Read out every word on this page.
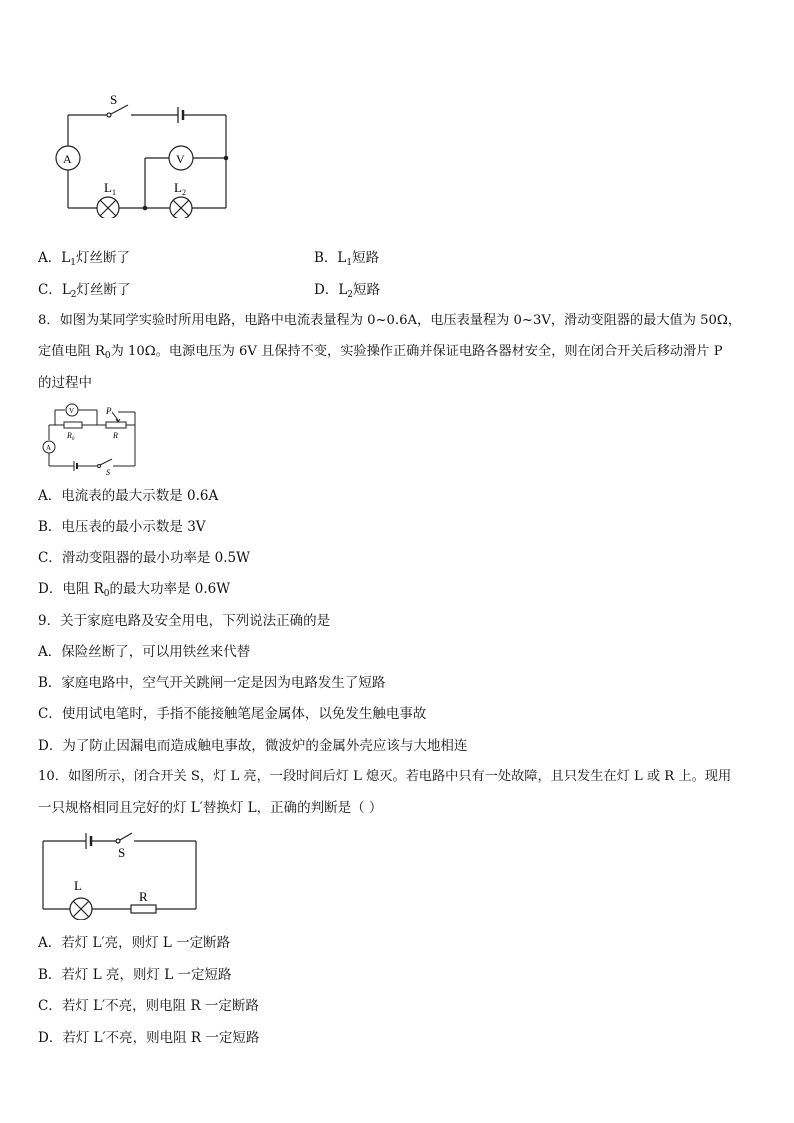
S
A	V
$L_1$	$L_2$
A．$L_1$灯丝断了	B．$L_1$短路
C．$L_2$灯丝断了	D．$L_2$短路
8．如图为某同学实验时所用电路，电路中电流表量程为 0~0.6A，电压表量程为 0~3V，滑动变阻器的最大值为 50Ω，
定值电阻 $R_0$为 10Ω。电源电压为 6V 且保持不变，实验操作正确并保证电路各器材安全，则在闭合开关后移动滑片 P
的过程中
V
A
P
$R_0$	R
S
A．电流表的最大示数是 0.6A
B．电压表的最小示数是 3V
C．滑动变阻器的最小功率是 0.5W
D．电阻 $R_0$的最大功率是 0.6W
9．关于家庭电路及安全用电，下列说法正确的是
A．保险丝断了，可以用铁丝来代替
B．家庭电路中，空气开关跳闸一定是因为电路发生了短路
C．使用试电笔时，手指不能接触笔尾金属体，以免发生触电事故
D．为了防止因漏电而造成触电事故，微波炉的金属外壳应该与大地相连
10．如图所示，闭合开关 S，灯 L 亮，一段时间后灯 L 熄灭。若电路中只有一处故障，且只发生在灯 L 或 R 上。现用
一只规格相同且完好的灯 L′替换灯 L，正确的判断是（ ）
S
L
R
A．若灯 L′亮，则灯 L 一定断路
B．若灯 L 亮，则灯 L 一定短路
C．若灯 L′不亮，则电阻 R 一定断路
D．若灯 L′不亮，则电阻 R 一定短路
